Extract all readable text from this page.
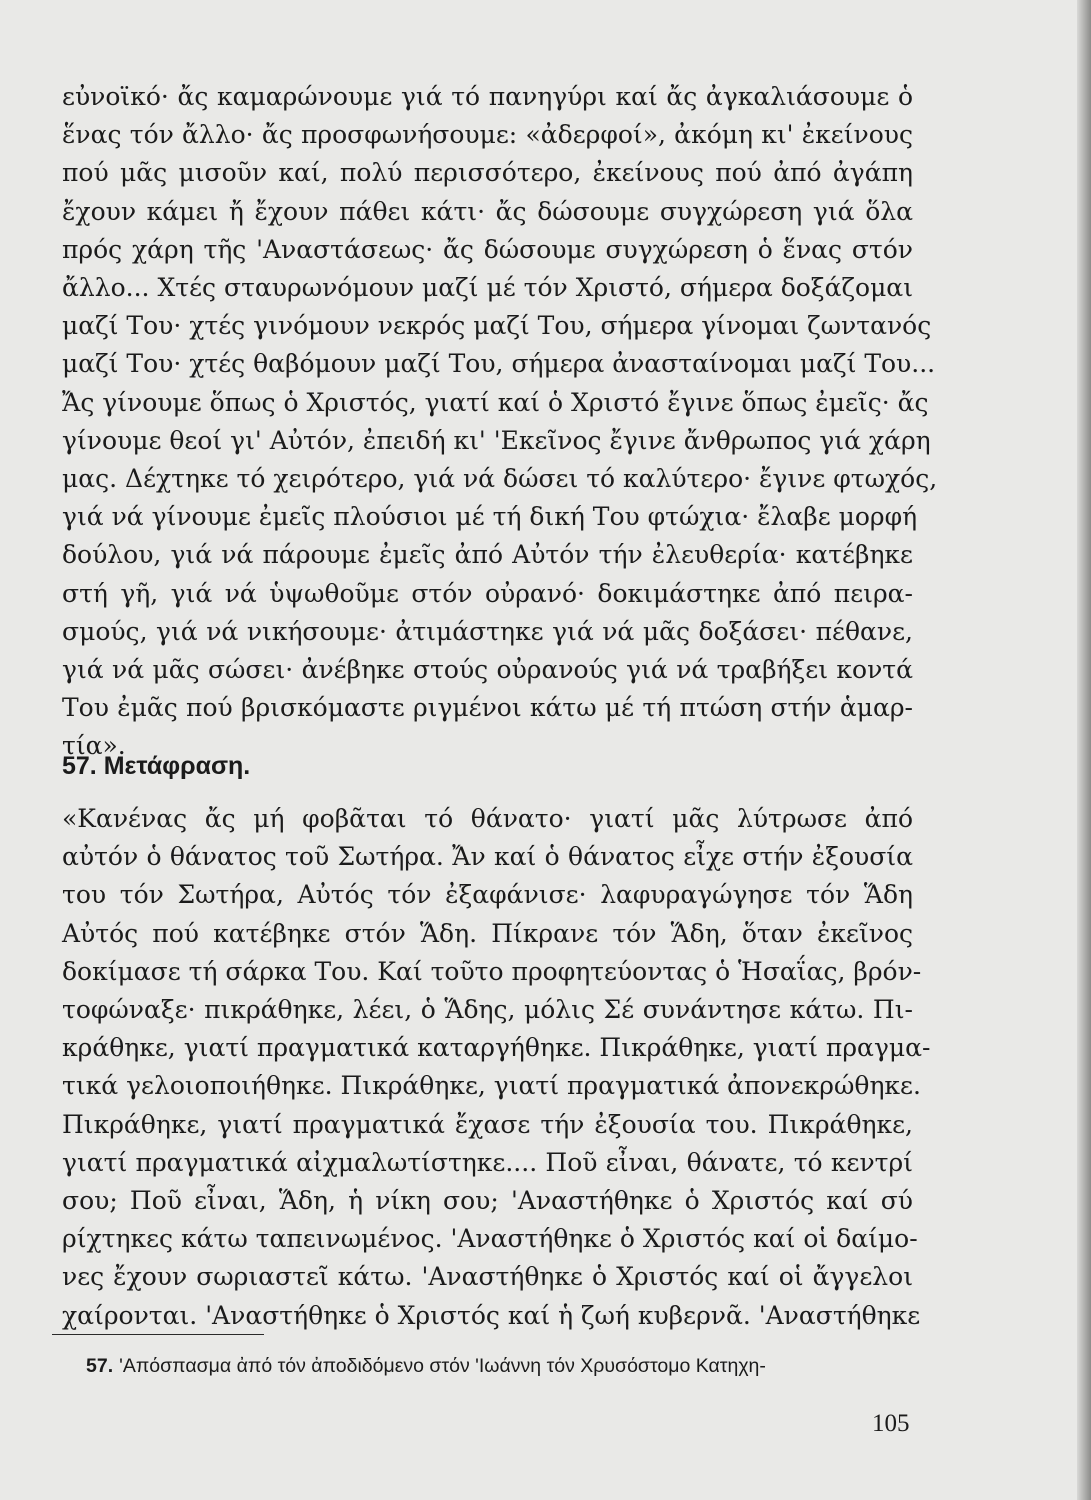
εὐνοϊκό· ἄς καμαρώνουμε γιά τό πανηγύρι καί ἄς ἀγκαλιάσουμε ὁ
ἕνας τόν ἄλλο· ἄς προσφωνήσουμε: «ἀδερφοί», ἀκόμη κι' ἐκείνους
πού μᾶς μισοῦν καί, πολύ περισσότερο, ἐκείνους πού ἀπό ἀγάπη
ἔχουν κάμει ἤ ἔχουν πάθει κάτι· ἄς δώσουμε συγχώρεση γιά ὅλα
πρός χάρη τῆς 'Αναστάσεως· ἄς δώσουμε συγχώρεση ὁ ἕνας στόν
ἄλλο... Χτές σταυρωνόμουν μαζί μέ τόν Χριστό, σήμερα δοξάζομαι
μαζί Του· χτές γινόμουν νεκρός μαζί Του, σήμερα γίνομαι ζωντανός
μαζί Του· χτές θαβόμουν μαζί Του, σήμερα ἀνασταίνομαι μαζί Του...
Ἄς γίνουμε ὅπως ὁ Χριστός, γιατί καί ὁ Χριστό ἔγινε ὅπως ἐμεῖς· ἄς
γίνουμε θεοί γι' Αὐτόν, ἐπειδή κι' 'Εκεῖνος ἔγινε ἄνθρωπος γιά χάρη
μας. Δέχτηκε τό χειρότερο, γιά νά δώσει τό καλύτερο· ἔγινε φτωχός,
γιά νά γίνουμε ἐμεῖς πλούσιοι μέ τή δική Του φτώχια· ἔλαβε μορφή
δούλου, γιά νά πάρουμε ἐμεῖς ἀπό Αὐτόν τήν ἐλευθερία· κατέβηκε
στή γῆ, γιά νά ὑψωθοῦμε στόν οὐρανό· δοκιμάστηκε ἀπό πειρα-
σμούς, γιά νά νικήσουμε· ἀτιμάστηκε γιά νά μᾶς δοξάσει· πέθανε,
γιά νά μᾶς σώσει· ἀνέβηκε στούς οὐρανούς γιά νά τραβήξει κοντά
Του ἐμᾶς πού βρισκόμαστε ριγμένοι κάτω μέ τή πτώση στήν ἁμαρ-
τία».
57. Μετάφραση.
«Κανένας ἄς μή φοβᾶται τό θάνατο· γιατί μᾶς λύτρωσε ἀπό
αὐτόν ὁ θάνατος τοῦ Σωτήρα. Ἄν καί ὁ θάνατος εἶχε στήν ἐξουσία
του τόν Σωτήρα, Αὐτός τόν ἐξαφάνισε· λαφυραγώγησε τόν Ἅδη
Αὐτός πού κατέβηκε στόν Ἅδη. Πίκρανε τόν Ἅδη, ὅταν ἐκεῖνος
δοκίμασε τή σάρκα Του. Καί τοῦτο προφητεύοντας ὁ Ἡσαΐας, βρόν-
τοφώναξε· πικράθηκε, λέει, ὁ Ἅδης, μόλις Σέ συνάντησε κάτω. Πι-
κράθηκε, γιατί πραγματικά καταργήθηκε. Πικράθηκε, γιατί πραγμα-
τικά γελοιοποιήθηκε. Πικράθηκε, γιατί πραγματικά ἀπονεκρώθηκε.
Πικράθηκε, γιατί πραγματικά ἔχασε τήν ἐξουσία του. Πικράθηκε,
γιατί πραγματικά αἰχμαλωτίστηκε.... Ποῦ εἶναι, θάνατε, τό κεντρί
σου; Ποῦ εἶναι, Ἅδη, ἡ νίκη σου; 'Αναστήθηκε ὁ Χριστός καί σύ
ρίχτηκες κάτω ταπεινωμένος. 'Αναστήθηκε ὁ Χριστός καί οἱ δαίμο-
νες ἔχουν σωριαστεῖ κάτω. 'Αναστήθηκε ὁ Χριστός καί οἱ ἄγγελοι
χαίρονται. 'Αναστήθηκε ὁ Χριστός καί ἡ ζωή κυβερνᾶ. 'Αναστήθηκε

57. 'Απόσπασμα ἀπό τόν ἀποδιδόμενο στόν 'Ιωάννη τόν Χρυσόστομο Κατηχη-

105
